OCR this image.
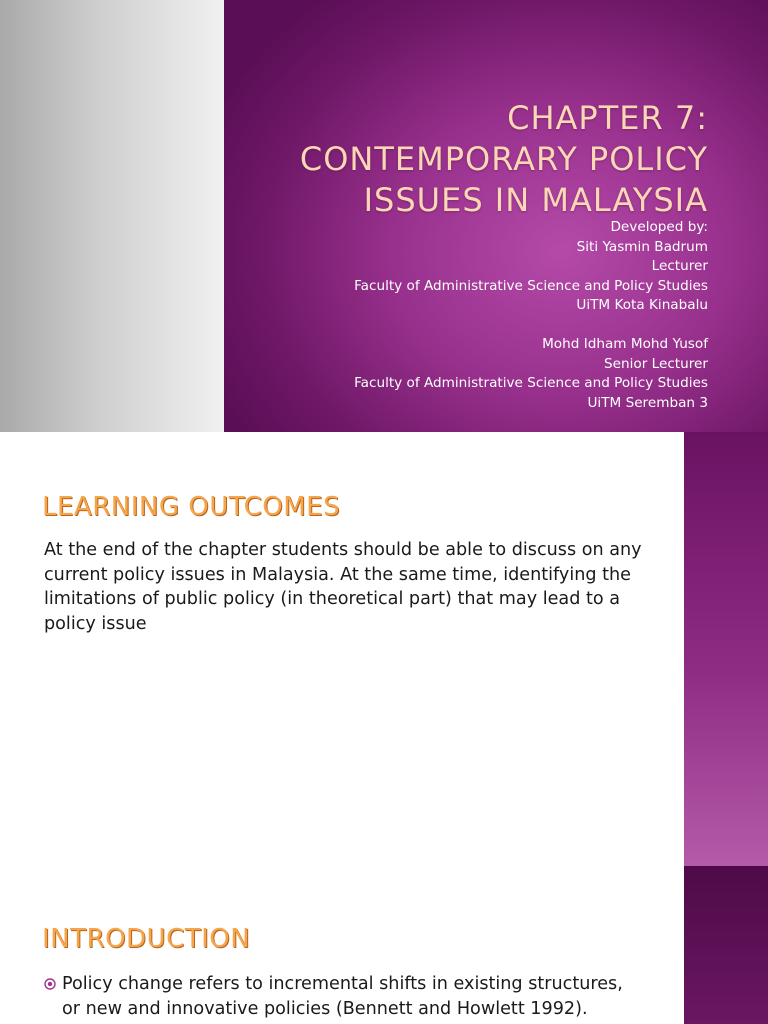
CHAPTER 7:
CONTEMPORARY POLICY
ISSUES IN MALAYSIA
Developed by:
Siti Yasmin Badrum
Lecturer
Faculty of Administrative Science and Policy Studies
UiTM Kota Kinabalu
Mohd Idham Mohd Yusof
Senior Lecturer
Faculty of Administrative Science and Policy Studies
UiTM Seremban 3
LEARNING OUTCOMES
At the end of the chapter students should be able to discuss on any current policy issues in Malaysia. At the same time, identifying the limitations of public policy (in theoretical part) that may lead to a policy issue
INTRODUCTION
Policy change refers to incremental shifts in existing structures, or new and innovative policies (Bennett and Howlett 1992).
